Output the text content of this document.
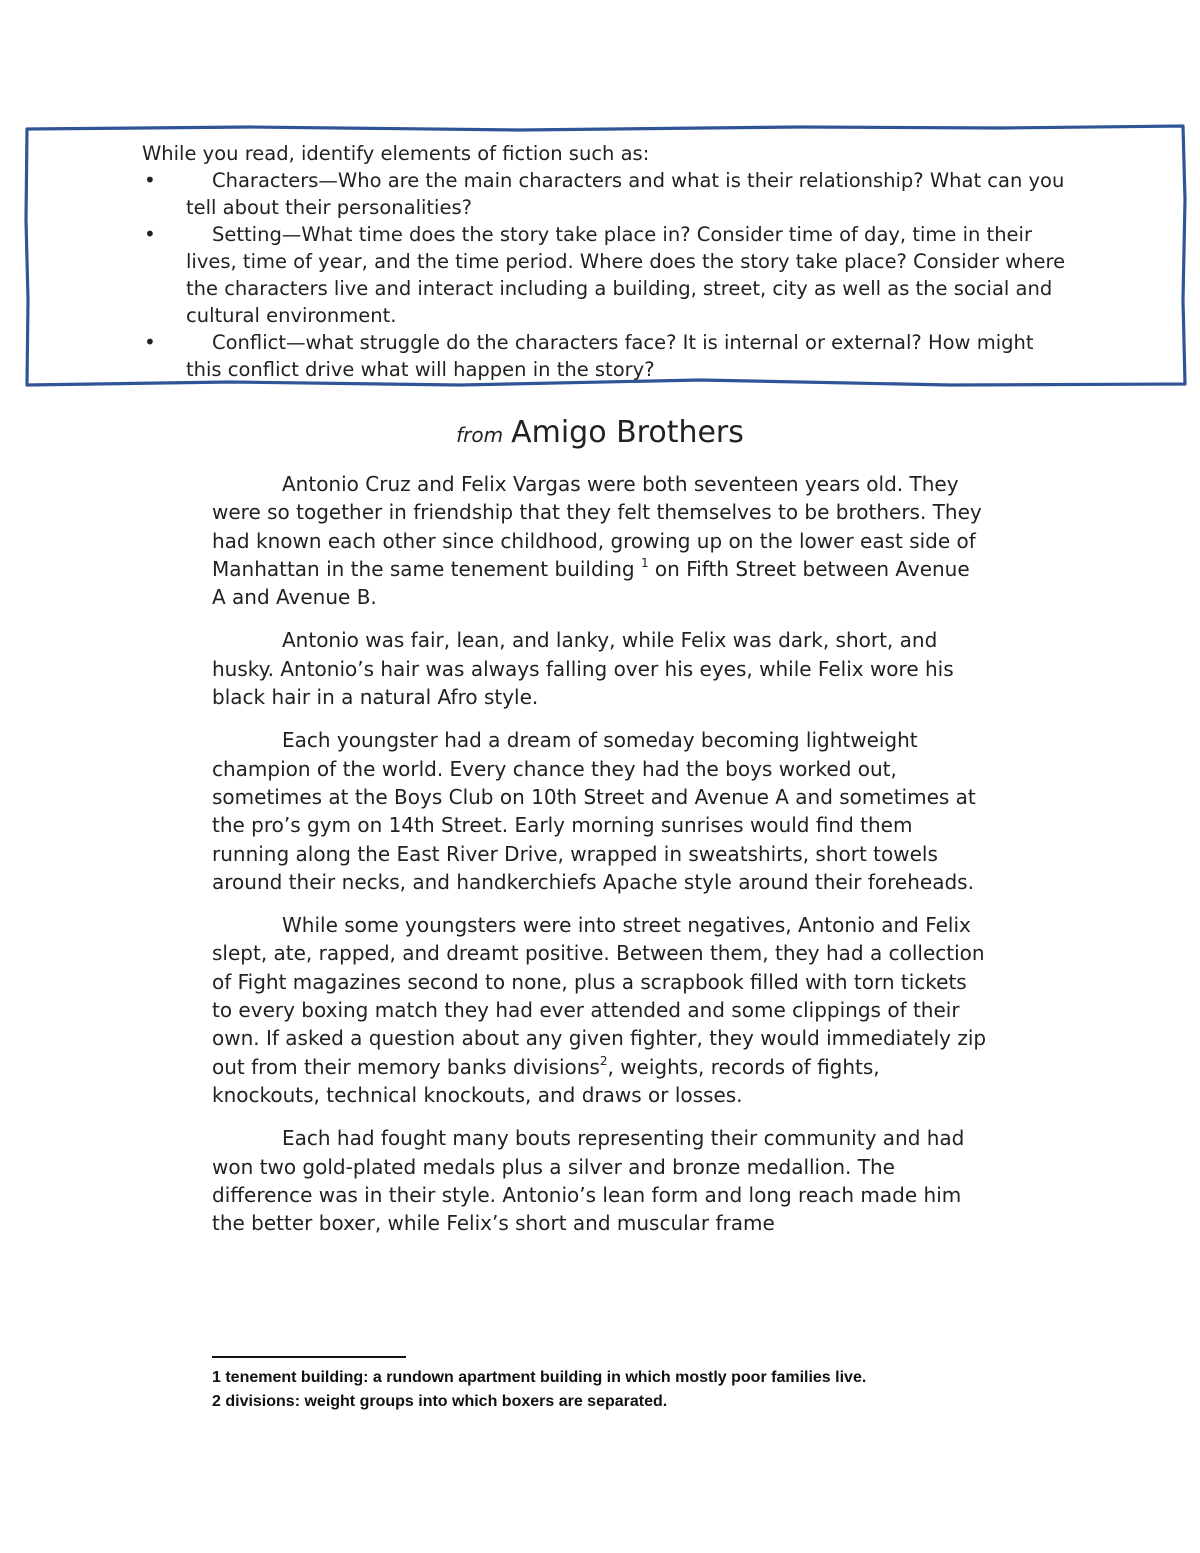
While you read, identify elements of fiction such as:
•	Characters—Who are the main characters and what is their relationship? What can you tell about their personalities?
•	Setting—What time does the story take place in? Consider time of day, time in their lives, time of year, and the time period. Where does the story take place? Consider where the characters live and interact including a building, street, city as well as the social and cultural environment.
•	Conflict—what struggle do the characters face? It is internal or external? How might this conflict drive what will happen in the story?
from Amigo Brothers

Antonio Cruz and Felix Vargas were both seventeen years old. They were so together in friendship that they felt themselves to be brothers. They had known each other since childhood, growing up on the lower east side of Manhattan in the same tenement building $^1$ on Fifth Street between Avenue A and Avenue B.

Antonio was fair, lean, and lanky, while Felix was dark, short, and husky. Antonio’s hair was always falling over his eyes, while Felix wore his black hair in a natural Afro style.

Each youngster had a dream of someday becoming lightweight champion of the world. Every chance they had the boys worked out, sometimes at the Boys Club on 10th Street and Avenue A and sometimes at the pro’s gym on 14th Street. Early morning sunrises would find them running along the East River Drive, wrapped in sweatshirts, short towels around their necks, and handkerchiefs Apache style around their foreheads.

While some youngsters were into street negatives, Antonio and Felix slept, ate, rapped, and dreamt positive. Between them, they had a collection of Fight magazines second to none, plus a scrapbook filled with torn tickets to every boxing match they had ever attended and some clippings of their own. If asked a question about any given fighter, they would immediately zip out from their memory banks divisions$^2$, weights, records of fights, knockouts, technical knockouts, and draws or losses.

Each had fought many bouts representing their community and had won two gold-plated medals plus a silver and bronze medallion. The difference was in their style. Antonio’s lean form and long reach made him the better boxer, while Felix’s short and muscular frame

1 tenement building: a rundown apartment building in which mostly poor families live.
2 divisions: weight groups into which boxers are separated.
